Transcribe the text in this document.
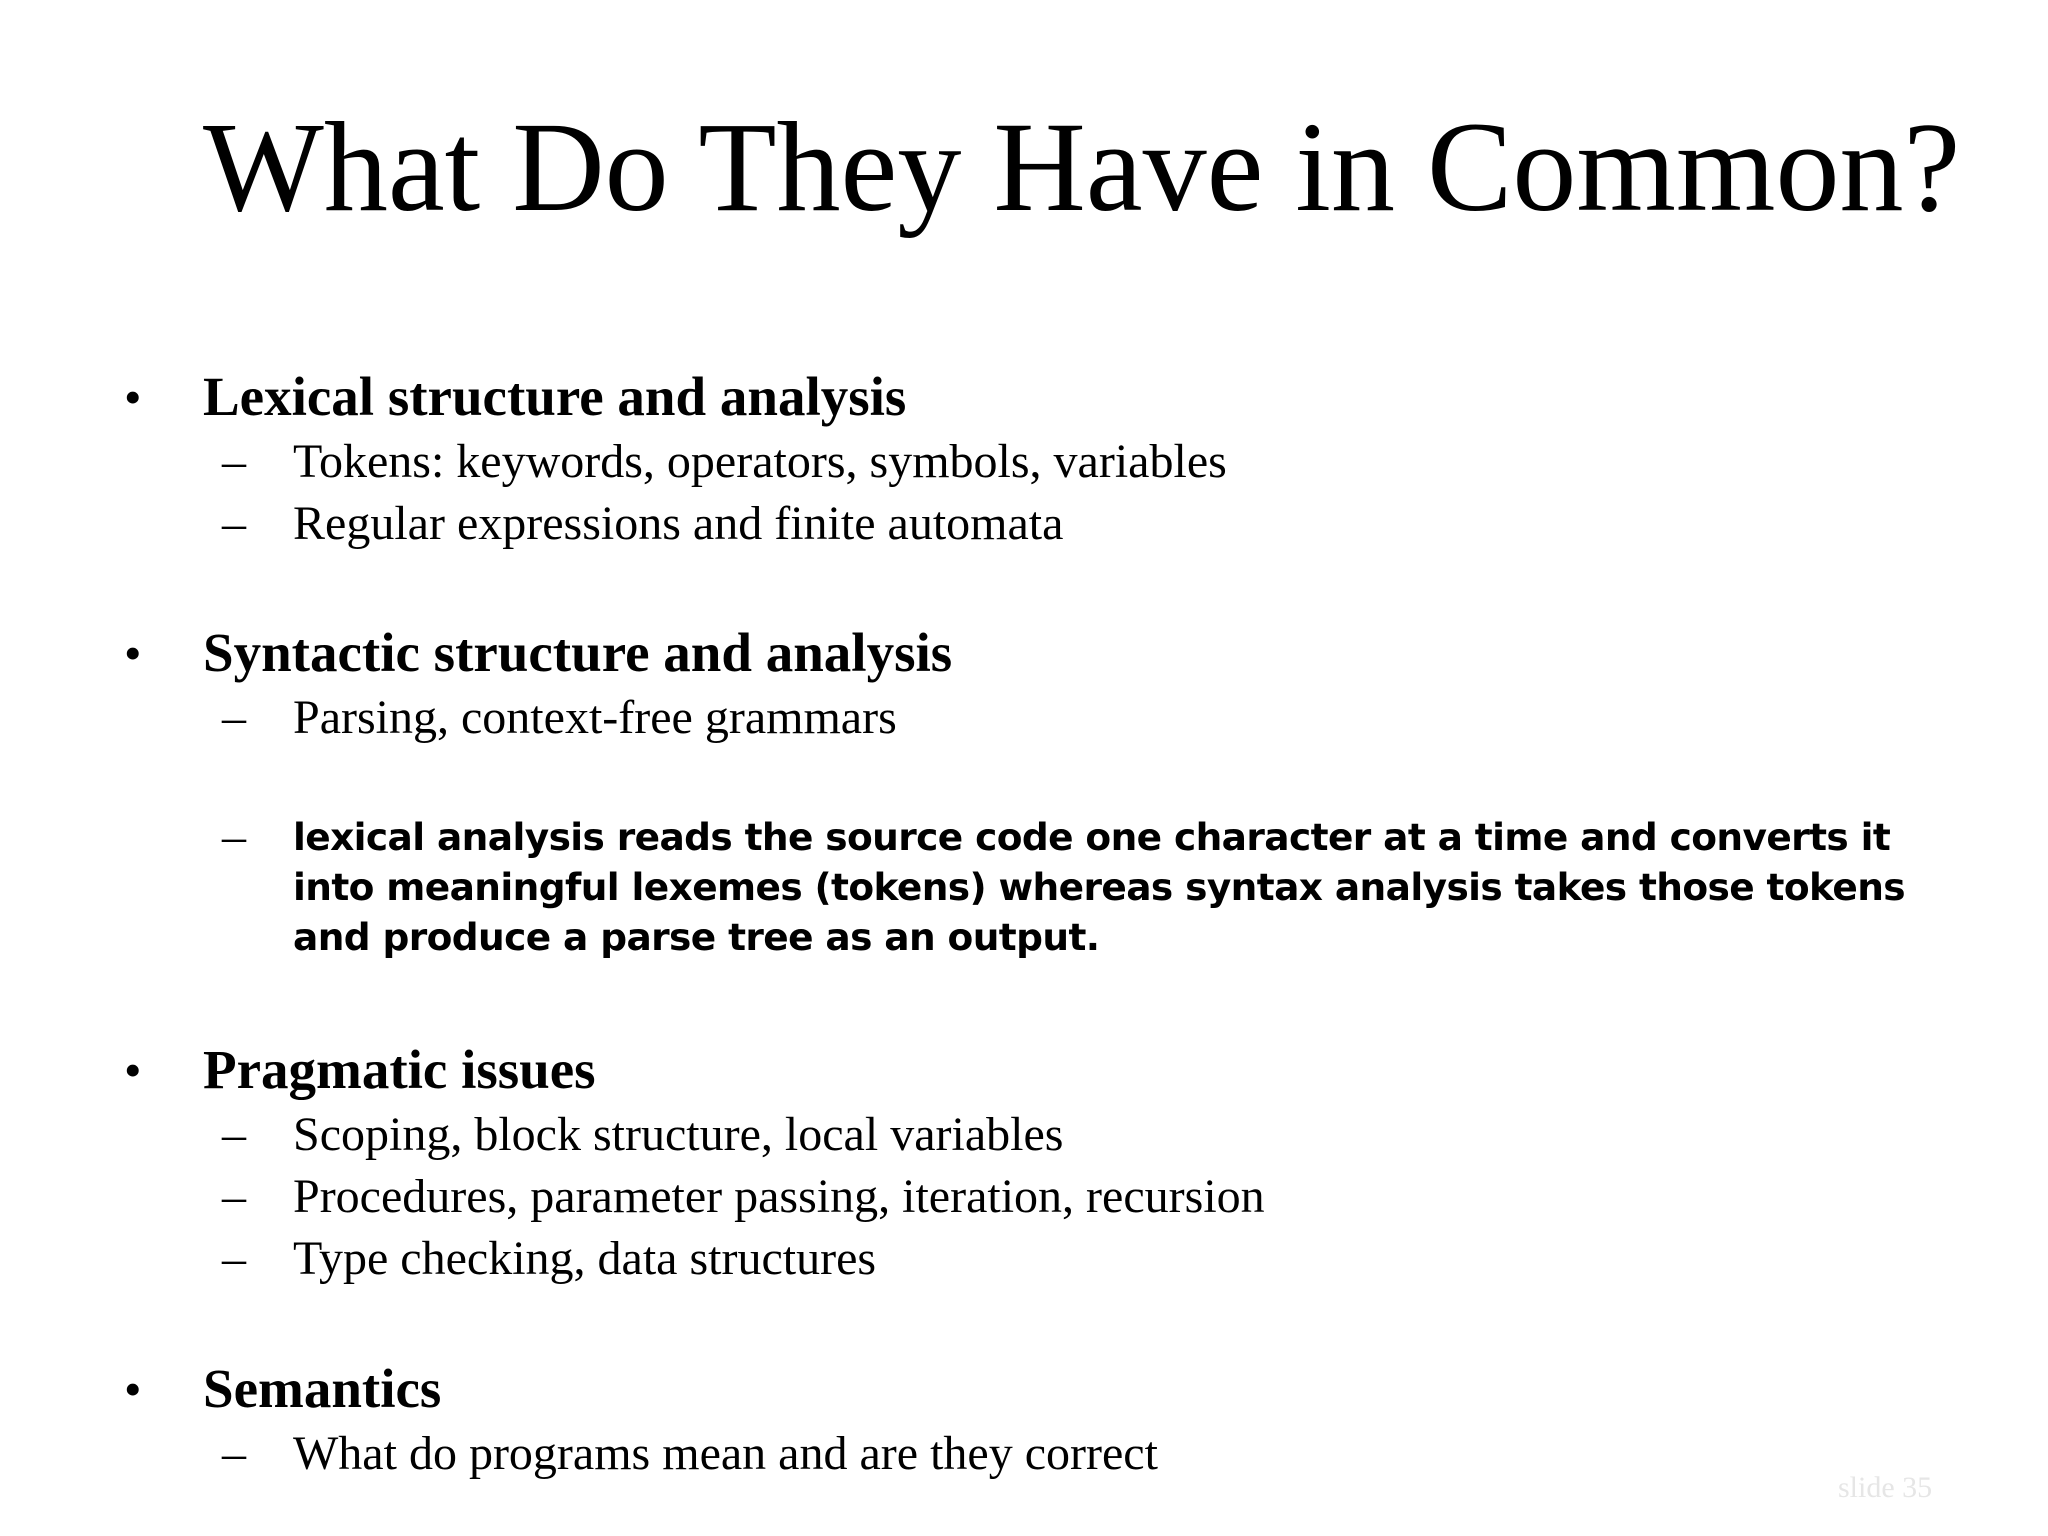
What Do They Have in Common?
• Lexical structure and analysis
– Tokens: keywords, operators, symbols, variables
– Regular expressions and finite automata
• Syntactic structure and analysis
– Parsing, context-free grammars
– lexical analysis reads the source code one character at a time and converts it
into meaningful lexemes (tokens) whereas syntax analysis takes those tokens
and produce a parse tree as an output.
• Pragmatic issues
– Scoping, block structure, local variables
– Procedures, parameter passing, iteration, recursion
– Type checking, data structures
• Semantics
– What do programs mean and are they correct
slide 35
